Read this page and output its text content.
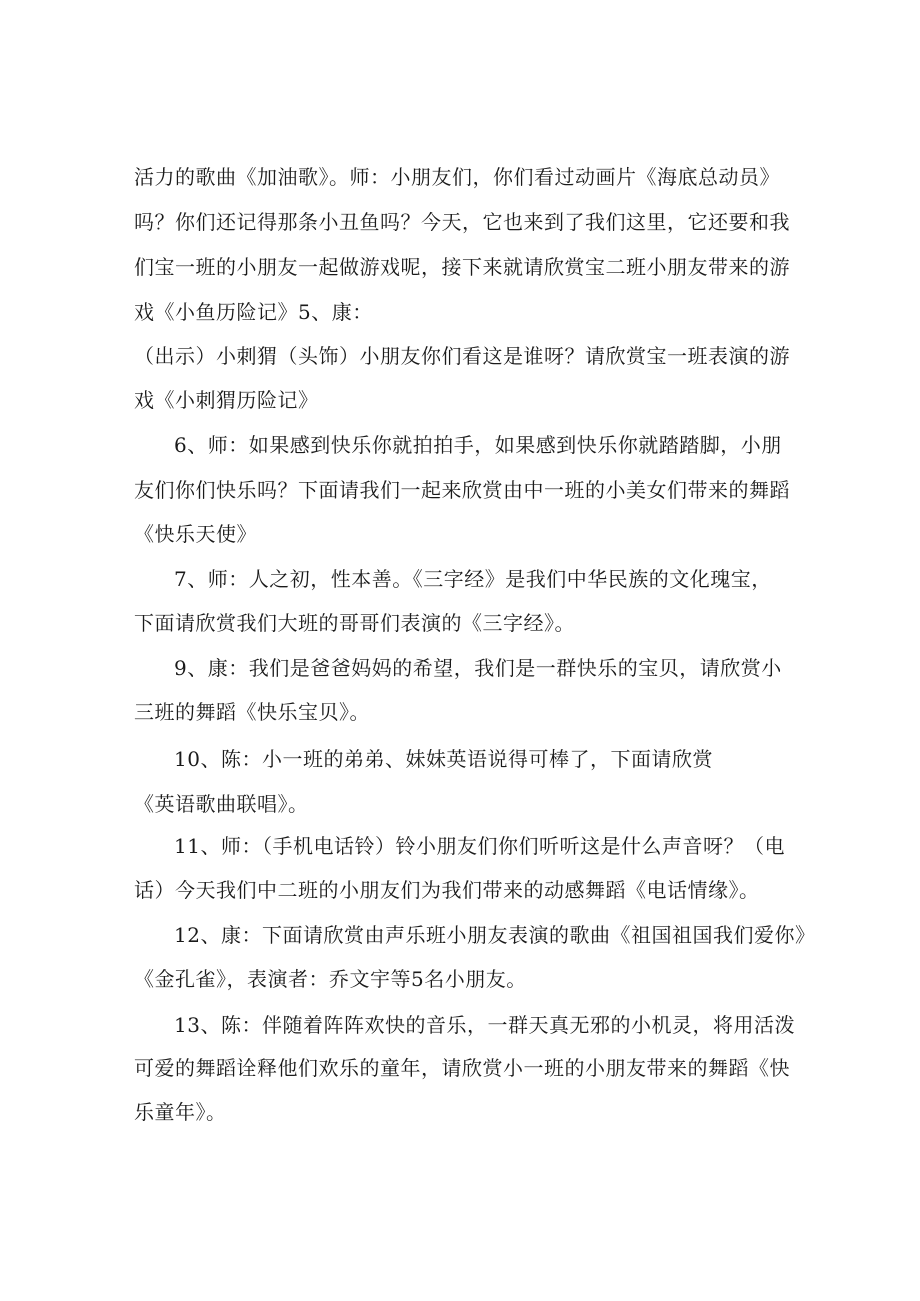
活力的歌曲《加油歌》。师：小朋友们，你们看过动画片《海底总动员》
吗？你们还记得那条小丑鱼吗？今天，它也来到了我们这里，它还要和我
们宝一班的小朋友一起做游戏呢，接下来就请欣赏宝二班小朋友带来的游
戏《小鱼历险记》5、康：
（出示）小刺猬（头饰）小朋友你们看这是谁呀？请欣赏宝一班表演的游
戏《小刺猬历险记》
6、师：如果感到快乐你就拍拍手，如果感到快乐你就踏踏脚，小朋
友们你们快乐吗？下面请我们一起来欣赏由中一班的小美女们带来的舞蹈
《快乐天使》
7、师：人之初，性本善。《三字经》是我们中华民族的文化瑰宝，
下面请欣赏我们大班的哥哥们表演的《三字经》。
9、康：我们是爸爸妈妈的希望，我们是一群快乐的宝贝，请欣赏小
三班的舞蹈《快乐宝贝》。
10、陈：小一班的弟弟、妹妹英语说得可棒了，下面请欣赏
《英语歌曲联唱》。
11、师：（手机电话铃）铃小朋友们你们听听这是什么声音呀？（电
话）今天我们中二班的小朋友们为我们带来的动感舞蹈《电话情缘》。
12、康：下面请欣赏由声乐班小朋友表演的歌曲《祖国祖国我们爱你》
《金孔雀》，表演者：乔文宇等5名小朋友。
13、陈：伴随着阵阵欢快的音乐，一群天真无邪的小机灵，将用活泼
可爱的舞蹈诠释他们欢乐的童年，请欣赏小一班的小朋友带来的舞蹈《快
乐童年》。
